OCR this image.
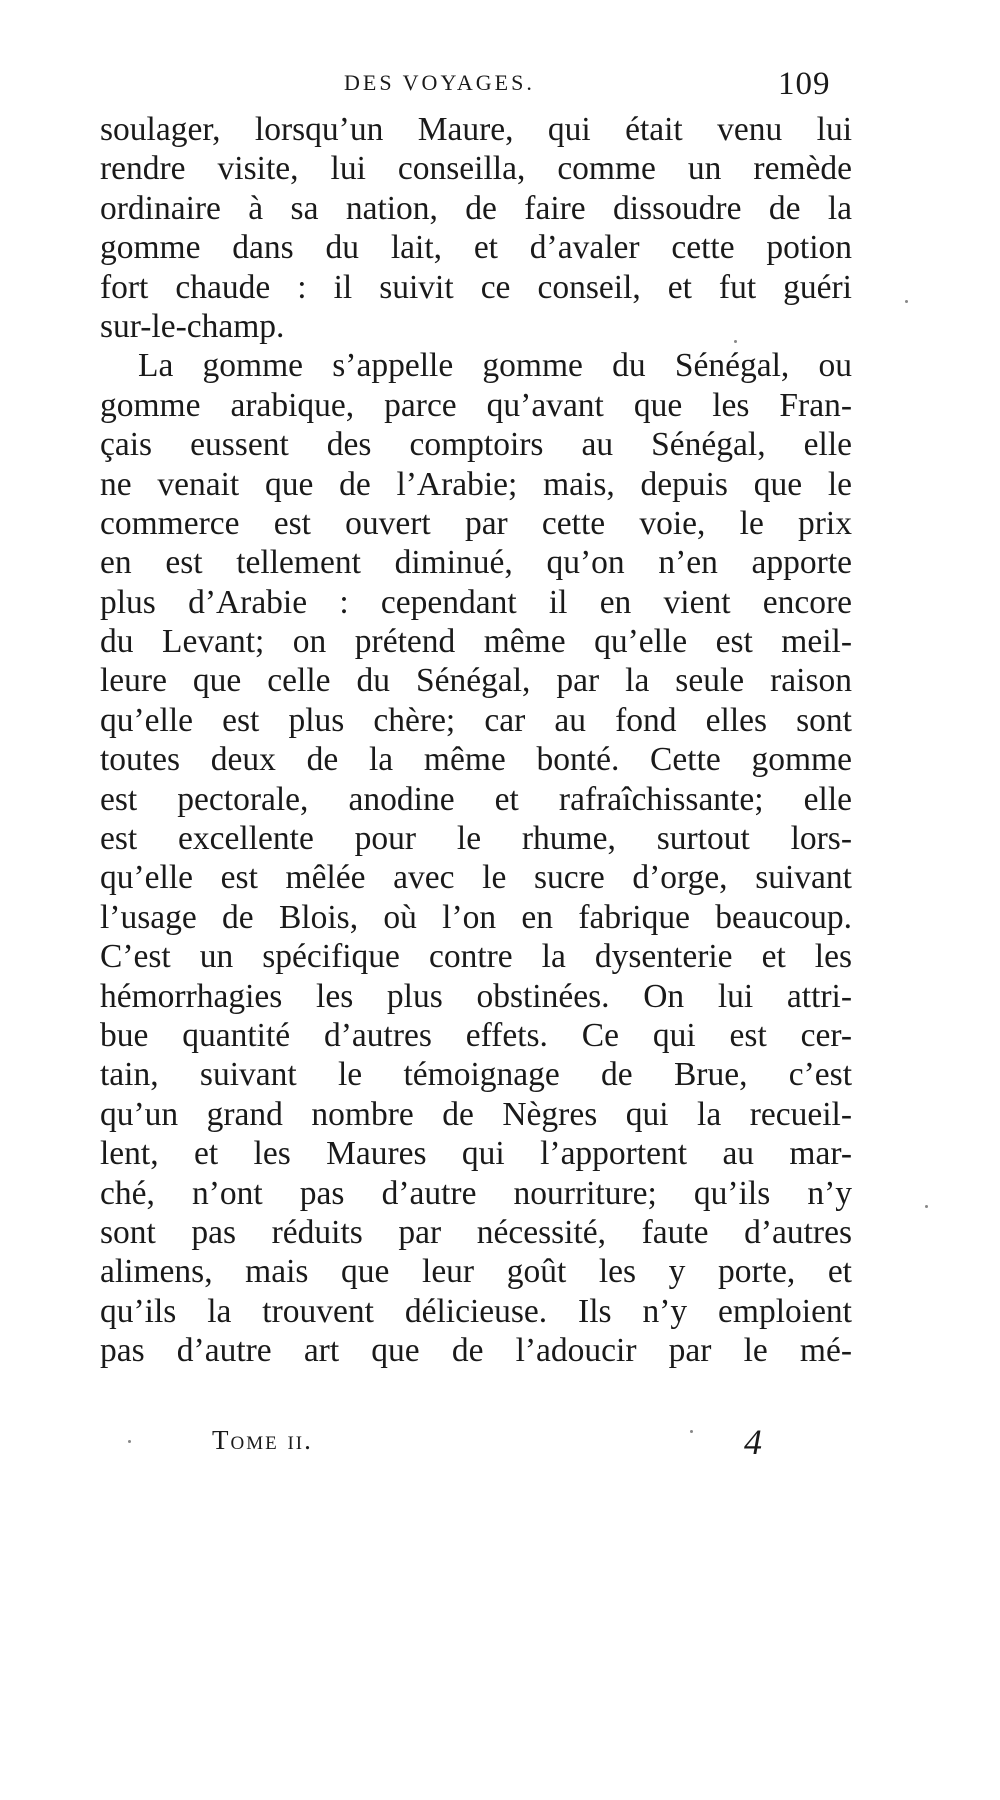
DES VOYAGES.	109
soulager, lorsqu’un Maure, qui était venu lui
rendre visite, lui conseilla, comme un remède
ordinaire à sa nation, de faire dissoudre de la
gomme dans du lait, et d’avaler cette potion
fort chaude : il suivit ce conseil, et fut guéri
sur-le-champ.
La gomme s’appelle gomme du Sénégal, ou
gomme arabique, parce qu’avant que les Fran-
çais eussent des comptoirs au Sénégal, elle
ne venait que de l’Arabie; mais, depuis que le
commerce est ouvert par cette voie, le prix
en est tellement diminué, qu’on n’en apporte
plus d’Arabie : cependant il en vient encore
du Levant; on prétend même qu’elle est meil-
leure que celle du Sénégal, par la seule raison
qu’elle est plus chère; car au fond elles sont
toutes deux de la même bonté. Cette gomme
est pectorale, anodine et rafraîchissante; elle
est excellente pour le rhume, surtout lors-
qu’elle est mêlée avec le sucre d’orge, suivant
l’usage de Blois, où l’on en fabrique beaucoup.
C’est un spécifique contre la dysenterie et les
hémorrhagies les plus obstinées. On lui attri-
bue quantité d’autres effets. Ce qui est cer-
tain, suivant le témoignage de Brue, c’est
qu’un grand nombre de Nègres qui la recueil-
lent, et les Maures qui l’apportent au mar-
ché, n’ont pas d’autre nourriture; qu’ils n’y
sont pas réduits par nécessité, faute d’autres
alimens, mais que leur goût les y porte, et
qu’ils la trouvent délicieuse. Ils n’y emploient
pas d’autre art que de l’adoucir par le mé-
Tome ii.	4
